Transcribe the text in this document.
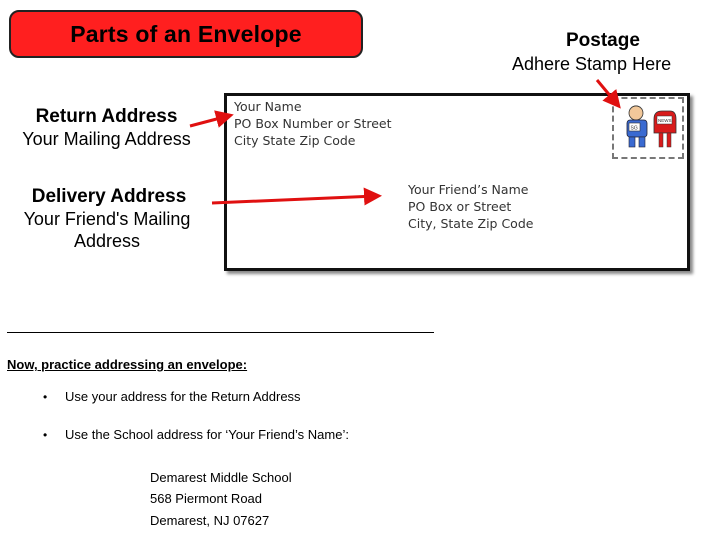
Parts of an Envelope	Postage
Adhere Stamp Here
Return Address
Your Mailing Address
Delivery Address
Your Friend's Mailing
Address
Your Name
PO Box Number or Street
City State Zip Code
Your Friend’s Name
PO Box or Street
City, State Zip Code
SG
NEWS
Now, practice addressing an envelope:
• Use your address for the Return Address
• Use the School address for ‘Your Friend’s Name’:
Demarest Middle School
568 Piermont Road
Demarest, NJ 07627
